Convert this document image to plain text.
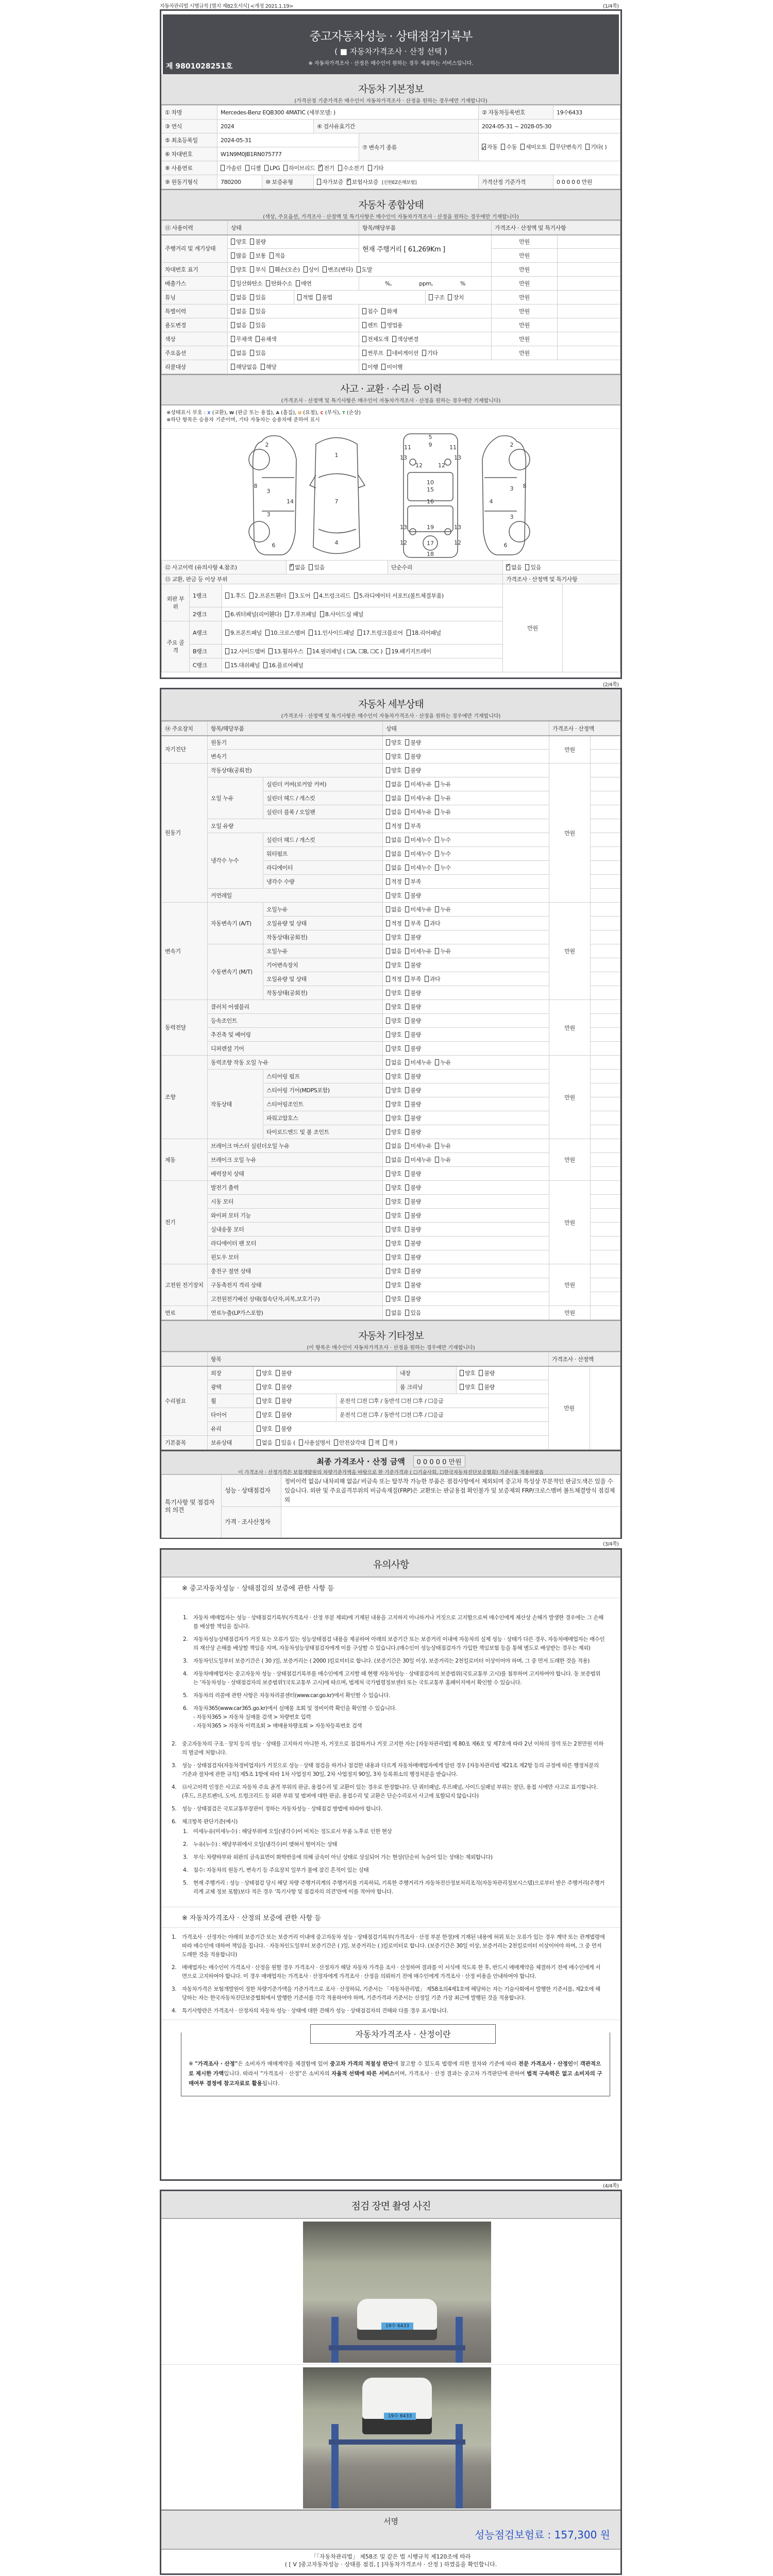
자동차관리법 시행규칙 [별지 제82호서식] <개정 2021.1.19>	(1/4쪽)
(2/4쪽)
(3/4쪽)
(4/4쪽)
중고자동차성능 · 상태점검기록부
( ■ 자동차가격조사 · 산정 선택 )
※ 자동차가격조사 · 산정은 매수인이 원하는 경우 제공하는 서비스입니다.
제 9801028251호
자동차 기본정보
(가격산정 기준가격은 매수인이 자동차가격조사 · 산정을 원하는 경우에만 기재합니다)
① 차명	Mercedes-Benz EQB300 4MATIC (세부모델: )				② 자동차등록번호	19수6433
③ 연식	2024		④ 검사유효기간		2024-05-31 ~ 2028-05-30	
⑤ 최초등록일	2024-05-31			⑦ 변속기 종류	✓자동 수동 세미오토 무단변속기 기타( )
⑥ 차대번호	W1N9M0JB1RN075777					
⑧ 사용연료	가솔린 디젤 LPG 하이브리드 ✓ 전기 수소전기 기타
⑨ 원동기형식	780200	⑩ 보증유형	자가보증 ✓ 보험사보증 [신한EZ손해보험]		가격산정 기준가격	0 0 0 0 0 만원
자동차 종합상태
(색상, 주요옵션, 가격조사 · 산정액 및 특기사항은 매수인이 자동차가격조사 · 산정을 원하는 경우에만 기재합니다)
⑪ 사용이력	상태		항목/해당부품		가격조사 · 산정액 및 특기사항	
주행거리 및 계기상태	양호 불량		현재 주행거리 [ 61,269Km ]		만원	
	많음 보통 적음				만원	
차대번호 표기	양호 부식 훼손(오손) 상이 변조(변타) 도말				만원	
배출가스	일산화탄소 탄화수소 매연		%, ppm, %		만원	
튜닝	없음 있음	적법 불법		구조 장치	만원	
특별이력	없음 있음		침수 화재		만원	
용도변경	없음 있음		렌트 영업용		만원	
색상	무채색 유채색		전체도색 색상변경		만원	
주요옵션	없음 있음		썬루프 네비게이션 기타		만원	
리콜대상	해당없음 해당		이행 미이행			
사고 · 교환 · 수리 등 이력
(가격조사 · 산정액 및 특기사항은 매수인이 자동차가격조사 · 산정을 원하는 경우에만 기재합니다)
※상태표시 부호 : X (교환), W (판금 또는 용접), A (흠집), U (요철), C (부식), T (손상)
※하단 항목은 승용차 기준이며, 기타 자동차는 승용차에 준하여 표시
2
8
3
3
14
6
1
7
4
5
9
11	11
13	13
12	12
10
15
16
13	13
19
12	12
17
18
2
3 8
4
3
6
⑫ 사고이력 (유의사항 4.참조)	✓없음 있음	단순수리	✓없음 있음
⑬ 교환, 판금 등 이상 부위					가격조사 · 산정액 및 특기사항	
외판 부위	1랭크	1.후드 2.프론트휀더 3.도어 4.트렁크리드 5.라디에이터 서포트(볼트체결부품)			만원	
	2랭크	6.쿼터패널(리어휀다) 7.루프패널 8.사이드실 패널				
주요 골격	A랭크	9.프론트패널 10.크로스멤버 11.인사이드패널 17.트렁크플로어 18.리어패널				
	B랭크	12.사이드멤버 13.휠하우스 14.필러패널 ( ☐A, ☐B, ☐C ) 19.패키지트레이				
	C랭크	15.대쉬패널 16.플로어패널				
자동차 세부상태
(가격조사 · 산정액 및 특기사항은 매수인이 자동차가격조사 · 산정을 원하는 경우에만 기재합니다)
⑭ 주요장치	항목/해당부품		상태	가격조사 · 산정액	
자기진단	원동기		양호 불량	만원	
	변속기		양호 불량		
원동기	작동상태(공회전)		양호 불량	만원	
	오일 누유	실린더 커버(로커암 커버)	없음 미세누유 누유		
		실린더 헤드 / 개스킷	없음 미세누유 누유		
		실린더 블록 / 오일팬	없음 미세누유 누유		
	오일 유량		적정 부족		
	냉각수 누수	실린더 헤드 / 개스킷	없음 미세누수 누수		
		워터펌프	없음 미세누수 누수		
		라디에이터	없음 미세누수 누수		
		냉각수 수량	적정 부족		
	커먼레일		양호 불량		
변속기	자동변속기 (A/T)	오일누유	없음 미세누유 누유	만원	
		오일유량 및 상태	적정 부족 과다		
		작동상태(공회전)	양호 불량		
	수동변속기 (M/T)	오일누유	없음 미세누유 누유		
		기어변속장치	양호 불량		
		오일유량 및 상태	적정 부족 과다		
		작동상태(공회전)	양호 불량		
동력전달	클러치 어셈블리		양호 불량	만원	
	등속조인트		양호 불량		
	추진축 및 베어링		양호 불량		
	디퍼렌셜 기어		양호 불량		
조향	동력조향 작동 오일 누유		없음 미세누유 누유	만원	
	작동상태	스티어링 펌프	양호 불량		
		스티어링 기어(MDPS포함)	양호 불량		
		스티어링조인트	양호 불량		
		파워고압호스	양호 불량		
		타이로드엔드 및 볼 조인트	양호 불량		
제동	브레이크 마스터 실린더오일 누유		없음 미세누유 누유	만원	
	브레이크 오일 누유		없음 미세누유 누유		
	배력장치 상태		양호 불량		
전기	발전기 출력		양호 불량	만원	
	시동 모터		양호 불량		
	와이퍼 모터 기능		양호 불량		
	실내송풍 모터		양호 불량		
	라디에이터 팬 모터		양호 불량		
	윈도우 모터		양호 불량		
고전원 전기장치	충전구 절연 상태		양호 불량	만원	
	구동축전지 격리 상태		양호 불량		
	고전원전기배선 상태(접속단자,피복,보호기구)		양호 불량		
연료	연료누출(LP가스포함)		없음 있음	만원	
자동차 기타정보
(이 항목은 매수인이 자동차가격조사 · 산정을 원하는 경우에만 기재합니다)
	항목					가격조사 · 산정액	
수리필요	외장	양호 불량		내장	양호 불량	만원	
	광택	양호 불량		룸 크리닝	양호 불량		
	휠	양호 불량	운전석 ☐전 ☐후 / 동반석 ☐전 ☐후 / ☐응급				
	타이어	양호 불량	운전석 ☐전 ☐후 / 동반석 ☐전 ☐후 / ☐응급				
	유리	양호 불량					
기본품목	보유상태	없음 있음 ( 사용설명서 안전삼각대 잭 잭 )					
최종 가격조사 · 산정 금액 0 0 0 0 0 만원
이 가격조사 · 산정가격은 보험개발원의 차량기준가액을 바탕으로 한 기준가격과 ( ☐기술사회, ☐한국자동차진단보증협회) 기준서를 적용하였음
특기사항 및 점검자의 의견	성능 · 상태점검자	정비이력 없음/ 내차피해 없음/ 비금속 또는 탈부착 가능한 부품은 점검사항에서 제외되며 중고차 특성상 부분적인 판금도색은 있을 수 있습니다. 외판 및 주요골격부위의 비금속재질(FRP)은 교환또는 판금용접 확인불가 및 보증제외 FRP/크로스멤버 볼트체결방식 점검제외
	가격 · 조사산정자	
유의사항
※ 중고자동차성능 · 상태점검의 보증에 관한 사항 등
1.	자동차 매매업자는 성능 · 상태점검기록부(가격조사 · 산정 부분 제외)에 기재된 내용을 고지하지 아니하거나 거짓으로 고지함으로써 매수인에게 재산상 손해가 발생한 경우에는 그 손해를 배상할 책임을 집니다.
2.	자동차성능상태점검자가 거짓 또는 오류가 있는 성능상태점검 내용을 제공하여 아래의 보증기간 또는 보증거리 이내에 자동차의 실제 성능 · 상태가 다른 경우, 자동차매매업자는 매수인의 재산상 손해를 배상할 책임을 지며, 자동차성능상태점검자에게 이를 구상할 수 있습니다.(매수인이 성능상태점검자가 가입한 책임보험 등을 통해 별도로 배상받는 경우는 제외)
3.	자동차인도일부터 보증기간은 ( 30 )일, 보증거리는 ( 2000 )킬로미터로 합니다. (보증기간은 30일 이상, 보증거리는 2천킬로미터 이상이어야 하며, 그 중 먼저 도래한 것을 적용)
4.	자동차매매업자는 중고자동차 성능 · 상태점검기록부를 매수인에게 고지할 때 현행 자동차성능 · 상태점검자의 보증범위(국토교통부 고시)를 첨부하여 고지하여야 합니다. 동 보증범위는 '자동차성능 · 상태점검자의 보증범위'(국토교통부 고시)에 따르며, 법제처 국가법령정보센터 또는 국토교통부 홈페이지에서 확인할 수 있습니다.
5.	자동차의 리콜에 관한 사항은 자동차리콜센터(www.car.go.kr)에서 확인할 수 있습니다.
6.	자동차365(www.car365.go.kr)에서 실매물 조회 및 정비이력 확인을 확인할 수 있습니다.
- 자동차365 > 자동차 실매물 검색 > 차량번호 입력
- 자동차365 > 자동차 이력조회 > 매매용차량조회 > 자동차등록번호 검색
2.	중고자동차의 구조 · 장치 등의 성능 · 상태를 고지하지 아니한 자, 거짓으로 점검하거나 거짓 고지한 자는 [자동차관리법] 제 80조 제6호 및 제7호에 따라 2년 이하의 징역 또는 2천만원 이하의 벌금에 처합니다.
3.	성능 · 상태점검자(자동차정비업자)가 거짓으로 성능 · 상태 점검을 하거나 점검한 내용과 다르게 자동차매매업자에게 알린 경우 [자동차관리법 제21조 제2항 등의 규정에 따른 행정처분의 기준과 절차에 관한 규칙] 제5조 1항에 따라 1차 사업정지 30일, 2차 사업정지 90일, 3차 등록취소의 행정처분을 받습니다.
4.	⑫사고이력 인정은 사고로 자동차 주요 골격 부위의 판금, 용접수리 및 교환이 있는 경우로 한정합니다. 단 쿼터패널, 루프패널, 사이드실패널 부위는 절단, 용접 시에만 사고로 표기합니다. (후드, 프론트펜더, 도어, 트렁크리드 등 외판 부위 및 범퍼에 대한 판금, 용접수리 및 교환은 단순수리로서 사고에 포함되지 않습니다)
5.	성능 · 상태점검은 국토교통부장관이 정하는 자동차성능 · 상태점검 방법에 따라야 합니다.
6.	체크항목 판단기준(예시)
1.	미세누유(미세누수) : 해당부위에 오일(냉각수)이 비치는 정도로서 부품 노후로 인한 현상
2.	누유(누수) : 해당부위에서 오일(냉각수)이 맺혀서 떨어지는 상태
3.	부식: 차량하부와 외판의 금속표면이 화학반응에 의해 금속이 아닌 상태로 상실되어 가는 현상(단순히 녹슬어 있는 상태는 제외합니다)
4.	침수: 자동차의 원동기, 변속기 등 주요장치 일부가 물에 잠긴 흔적이 있는 상태
5.	현재 주행거리 : 성능 · 상태점검 당시 해당 차량 주행거리계의 주행거리를 기록하되, 기록한 주행거리가 자동차전산정보처리조직(자동차관리정보시스템)으로부터 받은 주행거리(주행거리계 교체 정보 포함)보다 적은 경우 '특기사항 및 점검자의 의견'란에 이를 적어야 합니다.
※ 자동차가격조사 · 산정의 보증에 관한 사항 등
1.	가격조사 · 산정자는 아래의 보증기간 또는 보증거리 이내에 중고자동차 성능 · 상태점검기록부(가격조사 · 산정 부분 한정)에 기재된 내용에 허위 또는 오류가 있는 경우 계약 또는 관계법령에 따라 매수인에 대하여 책임을 집니다. · 자동차인도일부터 보증기간은 ( )일, 보증거리는 ( )킬로미터로 합니다. (보증기간은 30일 이상, 보증거리는 2천킬로미터 이상이어야 하며, 그 중 먼저 도래한 것을 적용합니다)
2.	매매업자는 매수인이 가격조사 · 산정을 원할 경우 가격조사 · 산정자가 해당 자동차 가격을 조사 · 산정하여 결과를 이 서식에 적도록 한 후, 반드시 매매계약을 체결하기 전에 매수인에게 서면으로 고지하여야 합니다. 이 경우 매매업자는 가격조사 · 산정자에게 가격조사 · 산정을 의뢰하기 전에 매수인에게 가격조사 · 산정 비용을 안내하여야 합니다.
3.	자동차가격은 보험개발원이 정한 차량기준가액을 기준가격으로 조사 · 산정하되, 기준서는 「자동차관리법」 제58조의4제1호에 해당하는 자는 기술사회에서 발행한 기준서를, 제2호에 해당하는 자는 한국자동차진단보증협회에서 발행한 기준서를 각각 적용하여야 하며, 기준가격과 기준서는 산정일 기준 가장 최근에 발행된 것을 적용합니다.
4.	특기사항란은 가격조사 · 산정자의 자동차 성능 · 상태에 대한 견해가 성능 · 상태점검자의 견해와 다를 경우 표시합니다.
자동차가격조사 · 산정이란
※ "가격조사 · 산정"은 소비자가 매매계약을 체결함에 있어 중고차 가격의 적절성 판단에 참고할 수 있도록 법령에 의한 절차와 기준에 따라 전문 가격조사 · 산정인이 객관적으로 제시한 가액입니다. 따라서 "가격조사 · 산정"은 소비자의 자율적 선택에 따른 서비스이며, 가격조사 · 산정 결과는 중고차 가격판단에 관하여 법적 구속력은 없고 소비자의 구매여부 결정에 참고자료로 활용됩니다.
점검 장면 촬영 사진
19수 6433
19수 6433
서명
성능점검보험료 : 157,300 원
「「자동차관리법」 제58조 및 같은 법 시행규칙 제120조에 따라
( [ V ]중고자동차성능 · 상태를 점검, [ ]자동차가격조사 · 산정 ) 하였음을 확인합니다.
